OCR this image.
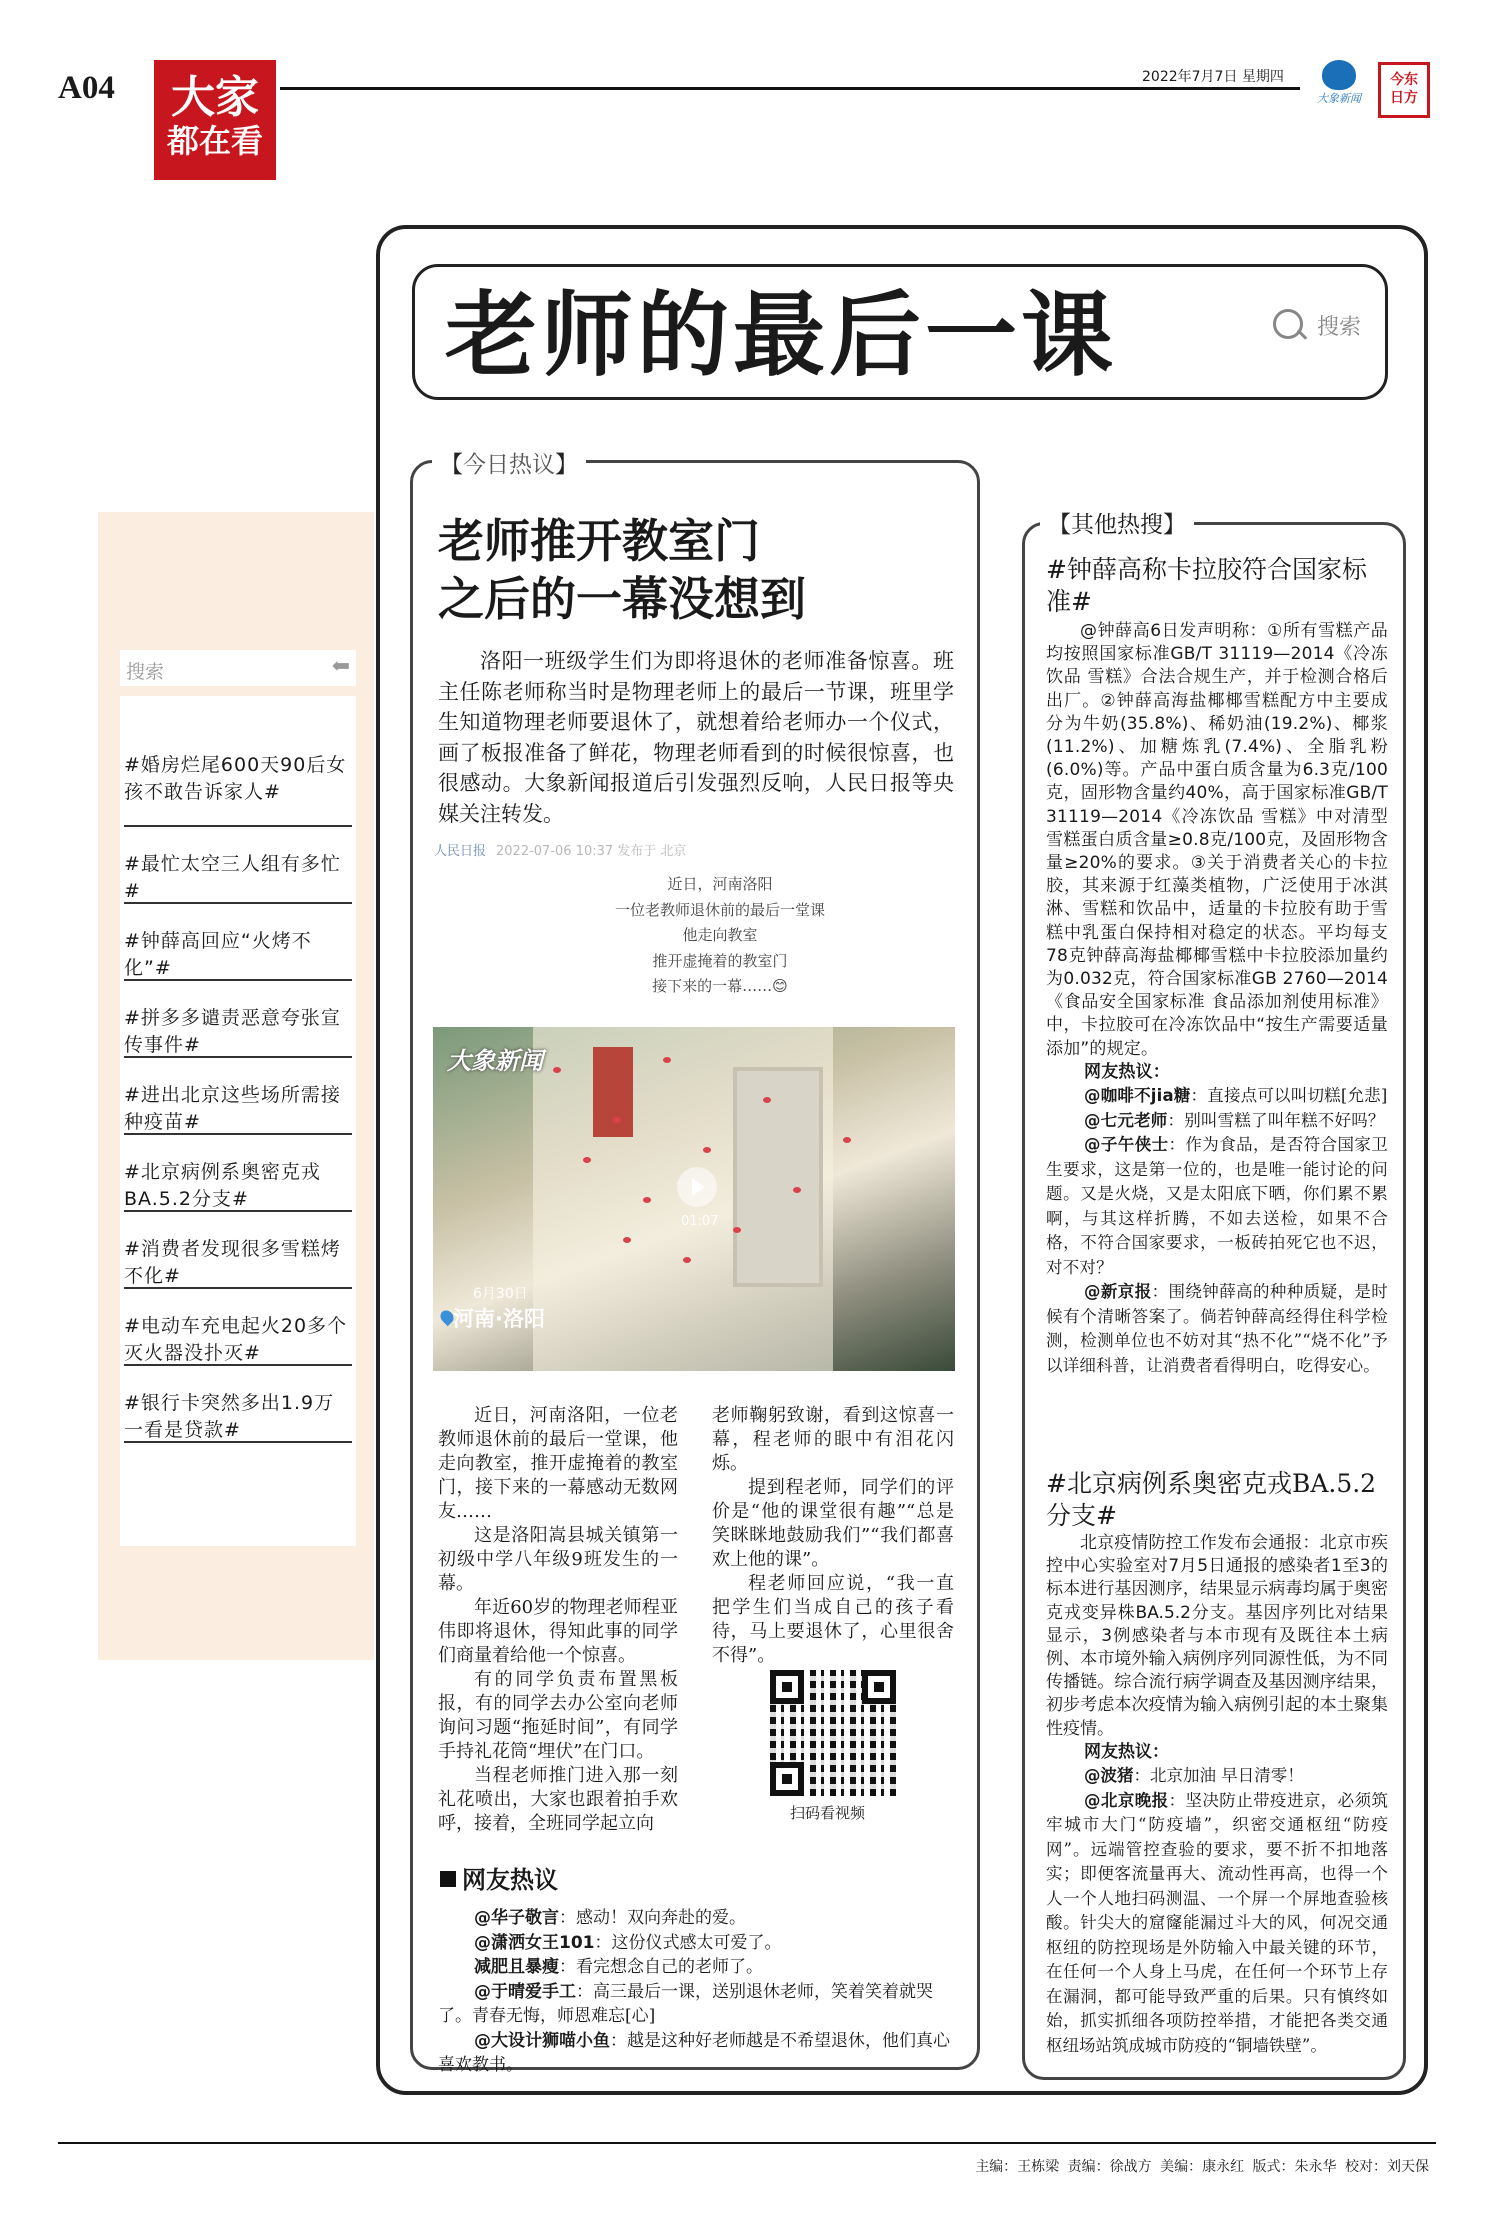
A04	大家
都在看
2022年7月7日 星期四
大象新闻
今东
日方
搜索	⬅
#婚房烂尾600天90后女孩不敢告诉家人#
#最忙太空三人组有多忙#
#钟薛高回应“火烤不化”#
#拼多多谴责恶意夸张宣传事件#
#进出北京这些场所需接种疫苗#
#北京病例系奥密克戎BA.5.2分支#
#消费者发现很多雪糕烤不化#
#电动车充电起火20多个灭火器没扑灭#
#银行卡突然多出1.9万一看是贷款#
老师的最后一课	搜索
【今日热议】
老师推开教室门
之后的一幕没想到
洛阳一班级学生们为即将退休的老师准备惊喜。班主任陈老师称当时是物理老师上的最后一节课，班里学生知道物理老师要退休了，就想着给老师办一个仪式，画了板报准备了鲜花，物理老师看到的时候很惊喜，也很感动。大象新闻报道后引发强烈反响，人民日报等央媒关注转发。
人民日报 2022-07-06 10:37 发布于 北京
近日，河南洛阳
一位老教师退休前的最后一堂课
他走向教室
推开虚掩着的教室门
接下来的一幕……😊
大象新闻
01:07
6月30日
河南·洛阳

近日，河南洛阳，一位老教师退休前的最后一堂课，他走向教室，推开虚掩着的教室门，接下来的一幕感动无数网友……

这是洛阳嵩县城关镇第一初级中学八年级9班发生的一幕。

年近60岁的物理老师程亚伟即将退休，得知此事的同学们商量着给他一个惊喜。

有的同学负责布置黑板报，有的同学去办公室向老师询问习题“拖延时间”，有同学手持礼花筒“埋伏”在门口。

当程老师推门进入那一刻礼花喷出，大家也跟着拍手欢呼，接着，全班同学起立向

老师鞠躬致谢，看到这惊喜一幕，程老师的眼中有泪花闪烁。

提到程老师，同学们的评价是“他的课堂很有趣”“总是笑眯眯地鼓励我们”“我们都喜欢上他的课”。

程老师回应说，“我一直把学生们当成自己的孩子看待，马上要退休了，心里很舍不得”。

扫码看视频
网友热议

@华子敬言：感动！双向奔赴的爱。

@潇洒女王101：这份仪式感太可爱了。

减肥且暴瘦：看完想念自己的老师了。

@于晴爱手工：高三最后一课，送别退休老师，笑着笑着就哭了。青春无悔，师恩难忘[心]

@大设计狮喵小鱼：越是这种好老师越是不希望退休，他们真心喜欢教书。

【其他热搜】
#钟薛高称卡拉胶符合国家标准#

@钟薛高6日发声明称：①所有雪糕产品均按照国家标准GB/T 31119—2014《冷冻饮品 雪糕》合法合规生产，并于检测合格后出厂。②钟薛高海盐椰椰雪糕配方中主要成分为牛奶(35.8%)、稀奶油(19.2%)、椰浆(11.2%)、加糖炼乳(7.4%)、全脂乳粉(6.0%)等。产品中蛋白质含量为6.3克/100克，固形物含量约40%，高于国家标准GB/T 31119—2014《冷冻饮品 雪糕》中对清型雪糕蛋白质含量≥0.8克/100克，及固形物含量≥20%的要求。③关于消费者关心的卡拉胶，其来源于红藻类植物，广泛使用于冰淇淋、雪糕和饮品中，适量的卡拉胶有助于雪糕中乳蛋白保持相对稳定的状态。平均每支78克钟薛高海盐椰椰雪糕中卡拉胶添加量约为0.032克，符合国家标准GB 2760—2014《食品安全国家标准 食品添加剂使用标准》中，卡拉胶可在冷冻饮品中“按生产需要适量添加”的规定。

网友热议：

@咖啡不jia糖：直接点可以叫切糕[允悲]

@七元老师：别叫雪糕了叫年糕不好吗？

@子午侠士：作为食品，是否符合国家卫生要求，这是第一位的，也是唯一能讨论的问题。又是火烧，又是太阳底下晒，你们累不累啊，与其这样折腾，不如去送检，如果不合格，不符合国家要求，一板砖拍死它也不迟，对不对？

@新京报：围绕钟薛高的种种质疑，是时候有个清晰答案了。倘若钟薛高经得住科学检测，检测单位也不妨对其“热不化”“烧不化”予以详细科普，让消费者看得明白，吃得安心。

#北京病例系奥密克戎BA.5.2分支#

北京疫情防控工作发布会通报：北京市疾控中心实验室对7月5日通报的感染者1至3的标本进行基因测序，结果显示病毒均属于奥密克戎变异株BA.5.2分支。基因序列比对结果显示，3例感染者与本市现有及既往本土病例、本市境外输入病例序列同源性低，为不同传播链。综合流行病学调查及基因测序结果，初步考虑本次疫情为输入病例引起的本土聚集性疫情。

网友热议：

@波猪：北京加油 早日清零！

@北京晚报：坚决防止带疫进京，必须筑牢城市大门“防疫墙”，织密交通枢纽“防疫网”。远端管控查验的要求，要不折不扣地落实；即便客流量再大、流动性再高，也得一个人一个人地扫码测温、一个屏一个屏地查验核酸。针尖大的窟窿能漏过斗大的风，何况交通枢纽的防控现场是外防输入中最关键的环节，在任何一个人身上马虎，在任何一个环节上存在漏洞，都可能导致严重的后果。只有慎终如始，抓实抓细各项防控举措，才能把各类交通枢纽场站筑成城市防疫的“铜墙铁壁”。

主编：王栋梁 责编：徐战方 美编：康永红 版式：朱永华 校对：刘天保
